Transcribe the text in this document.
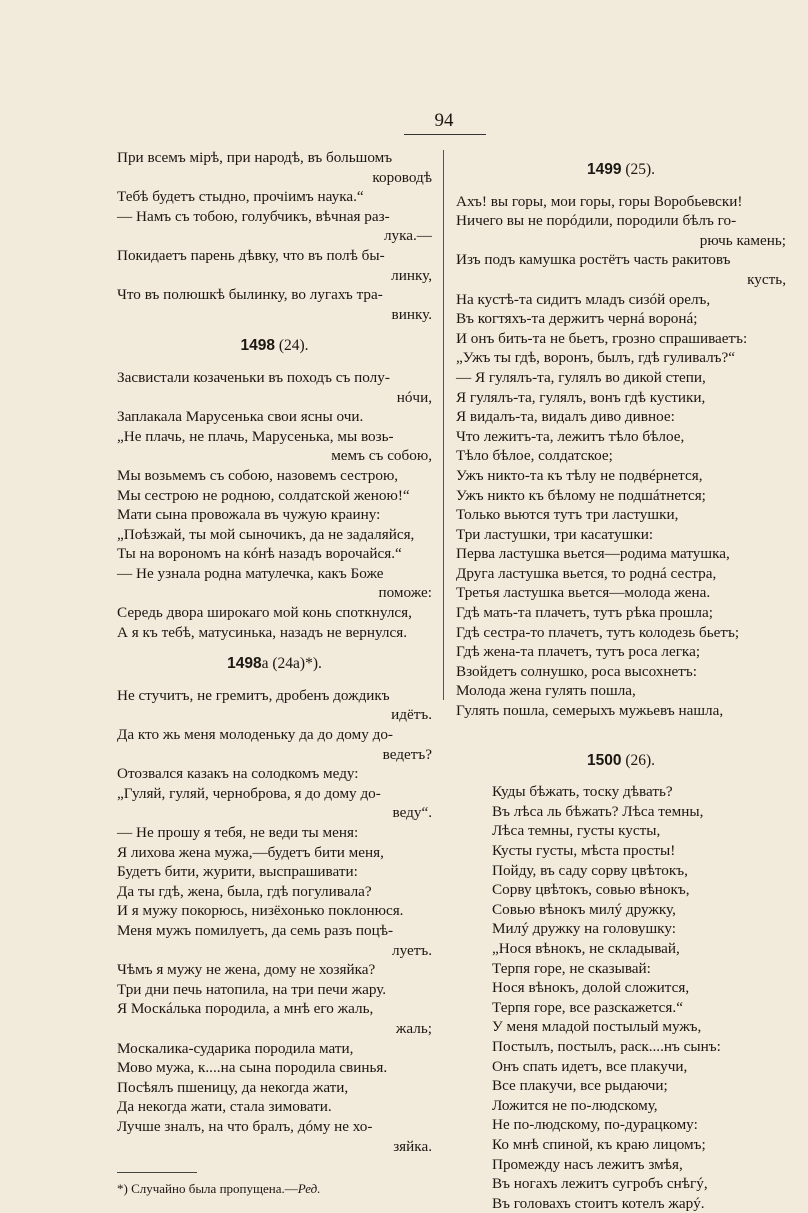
94
При всемъ мірѣ, при народѣ, въ большомъ
короводѣ
Тебѣ будетъ стыдно, прочіимъ наука.“
— Намъ съ тобою, голубчикъ, вѣчная раз-
лука.—
Покидаетъ парень дѣвку, что въ полѣ бы-
линку,
Что въ полюшкѣ былинку, во лугахъ тра-
винку.
1498 (24).
Засвистали козаченьки въ походъ съ полу-
нóчи,
Заплакала Марусенька свои ясны очи.
„Не плачь, не плачь, Марусенька, мы возь-
мемъ съ собою,
Мы возьмемъ съ собою, назовемъ сестрою,
Мы сестрою не родною, солдатской женою!“
Мати сына провожала въ чужую краину:
„Поѣзжай, ты мой сыночикъ, да не задаляйся,
Ты на ворономъ на кóнѣ назадъ ворочайся.“
— Не узнала родна матулечка, какъ Боже
поможе:
Середь двора широкаго мой конь споткнулся,
А я къ тебѣ, матусинька, назадъ не вернулся.
1498а (24а)*).
Не стучитъ, не гремитъ, дробенъ дождикъ
идётъ.
Да кто жь меня молоденьку да до дому до-
ведетъ?
Отозвался казакъ на солодкомъ меду:
„Гуляй, гуляй, черноброва, я до дому до-
веду“.
— Не прошу я тебя, не веди ты меня:
Я лихова жена мужа,—будетъ бити меня,
Будетъ бити, журити, выспрашивати:
Да ты гдѣ, жена, была, гдѣ погуливала?
И я мужу покорюсь, низёхонько поклонюся.
Меня мужъ помилуетъ, да семь разъ поцѣ-
луетъ.
Чѣмъ я мужу не жена, дому не хозяйка?
Три дни печь натопила, на три печи жару.
Я Москáлька породила, а мнѣ его жаль,
жаль;
Москалика-сударика породила мати,
Мово мужа, к....на сына породила свинья.
Посѣялъ пшеницу, да некогда жати,
Да некогда жати, стала зимовати.
Лучше зналъ, на что бралъ, дóму не хо-
зяйка.
*) Случайно была пропущена.—Ред.
1499 (25).
Ахъ! вы горы, мои горы, горы Воробьевски!
Ничего вы не порóдили, породили бѣлъ го-
рючь камень;
Изъ подъ камушка ростётъ часть ракитовъ
кусть,
На кустѣ-та сидитъ младъ сизóй орелъ,
Въ когтяхъ-та держитъ чернá воронá;
И онъ бить-та не бьетъ, грозно спрашиваетъ:
„Ужъ ты гдѣ, воронъ, былъ, гдѣ гуливалъ?“
— Я гулялъ-та, гулялъ во дикой степи,
Я гулялъ-та, гулялъ, вонъ гдѣ кустики,
Я видалъ-та, видалъ диво дивное:
Что лежитъ-та, лежитъ тѣло бѣлое,
Тѣло бѣлое, солдатское;
Ужъ никто-та къ тѣлу не подвéрнется,
Ужъ никто къ бѣлому не подшáтнется;
Только вьются тутъ три ластушки,
Три ластушки, три касатушки:
Перва ластушка вьется—родима матушка,
Друга ластушка вьется, то роднá сестра,
Третья ластушка вьется—молода жена.
Гдѣ мать-та плачетъ, тутъ рѣка прошла;
Гдѣ сестра-то плачетъ, тутъ колодезь бьетъ;
Гдѣ жена-та плачетъ, тутъ роса легка;
Взойдетъ солнушко, роса высохнетъ:
Молода жена гулять пошла,
Гулять пошла, семерыхъ мужьевъ нашла,
1500 (26).
Куды бѣжать, тоску дѣвать?
Въ лѣса ль бѣжать? Лѣса темны,
Лѣса темны, густы кусты,
Кусты густы, мѣста просты!
Пойду, въ саду сорву цвѣтокъ,
Сорву цвѣтокъ, совью вѣнокъ,
Совью вѣнокъ милý дружку,
Милý дружку на головушку:
„Нося вѣнокъ, не складывай,
Терпя горе, не сказывай:
Нося вѣнокъ, долой сложится,
Терпя горе, все разскажется.“
У меня младой постылый мужъ,
Постылъ, постылъ, раск....нъ сынъ:
Онъ спать идетъ, все плакучи,
Все плакучи, все рыдаючи;
Ложится не по-людскому,
Не по-людскому, по-дурацкому:
Ко мнѣ спиной, къ краю лицомъ;
Промежду насъ лежитъ змѣя,
Въ ногахъ лежитъ сугробъ снѣгý,
Въ головахъ стоитъ котелъ жарý.
